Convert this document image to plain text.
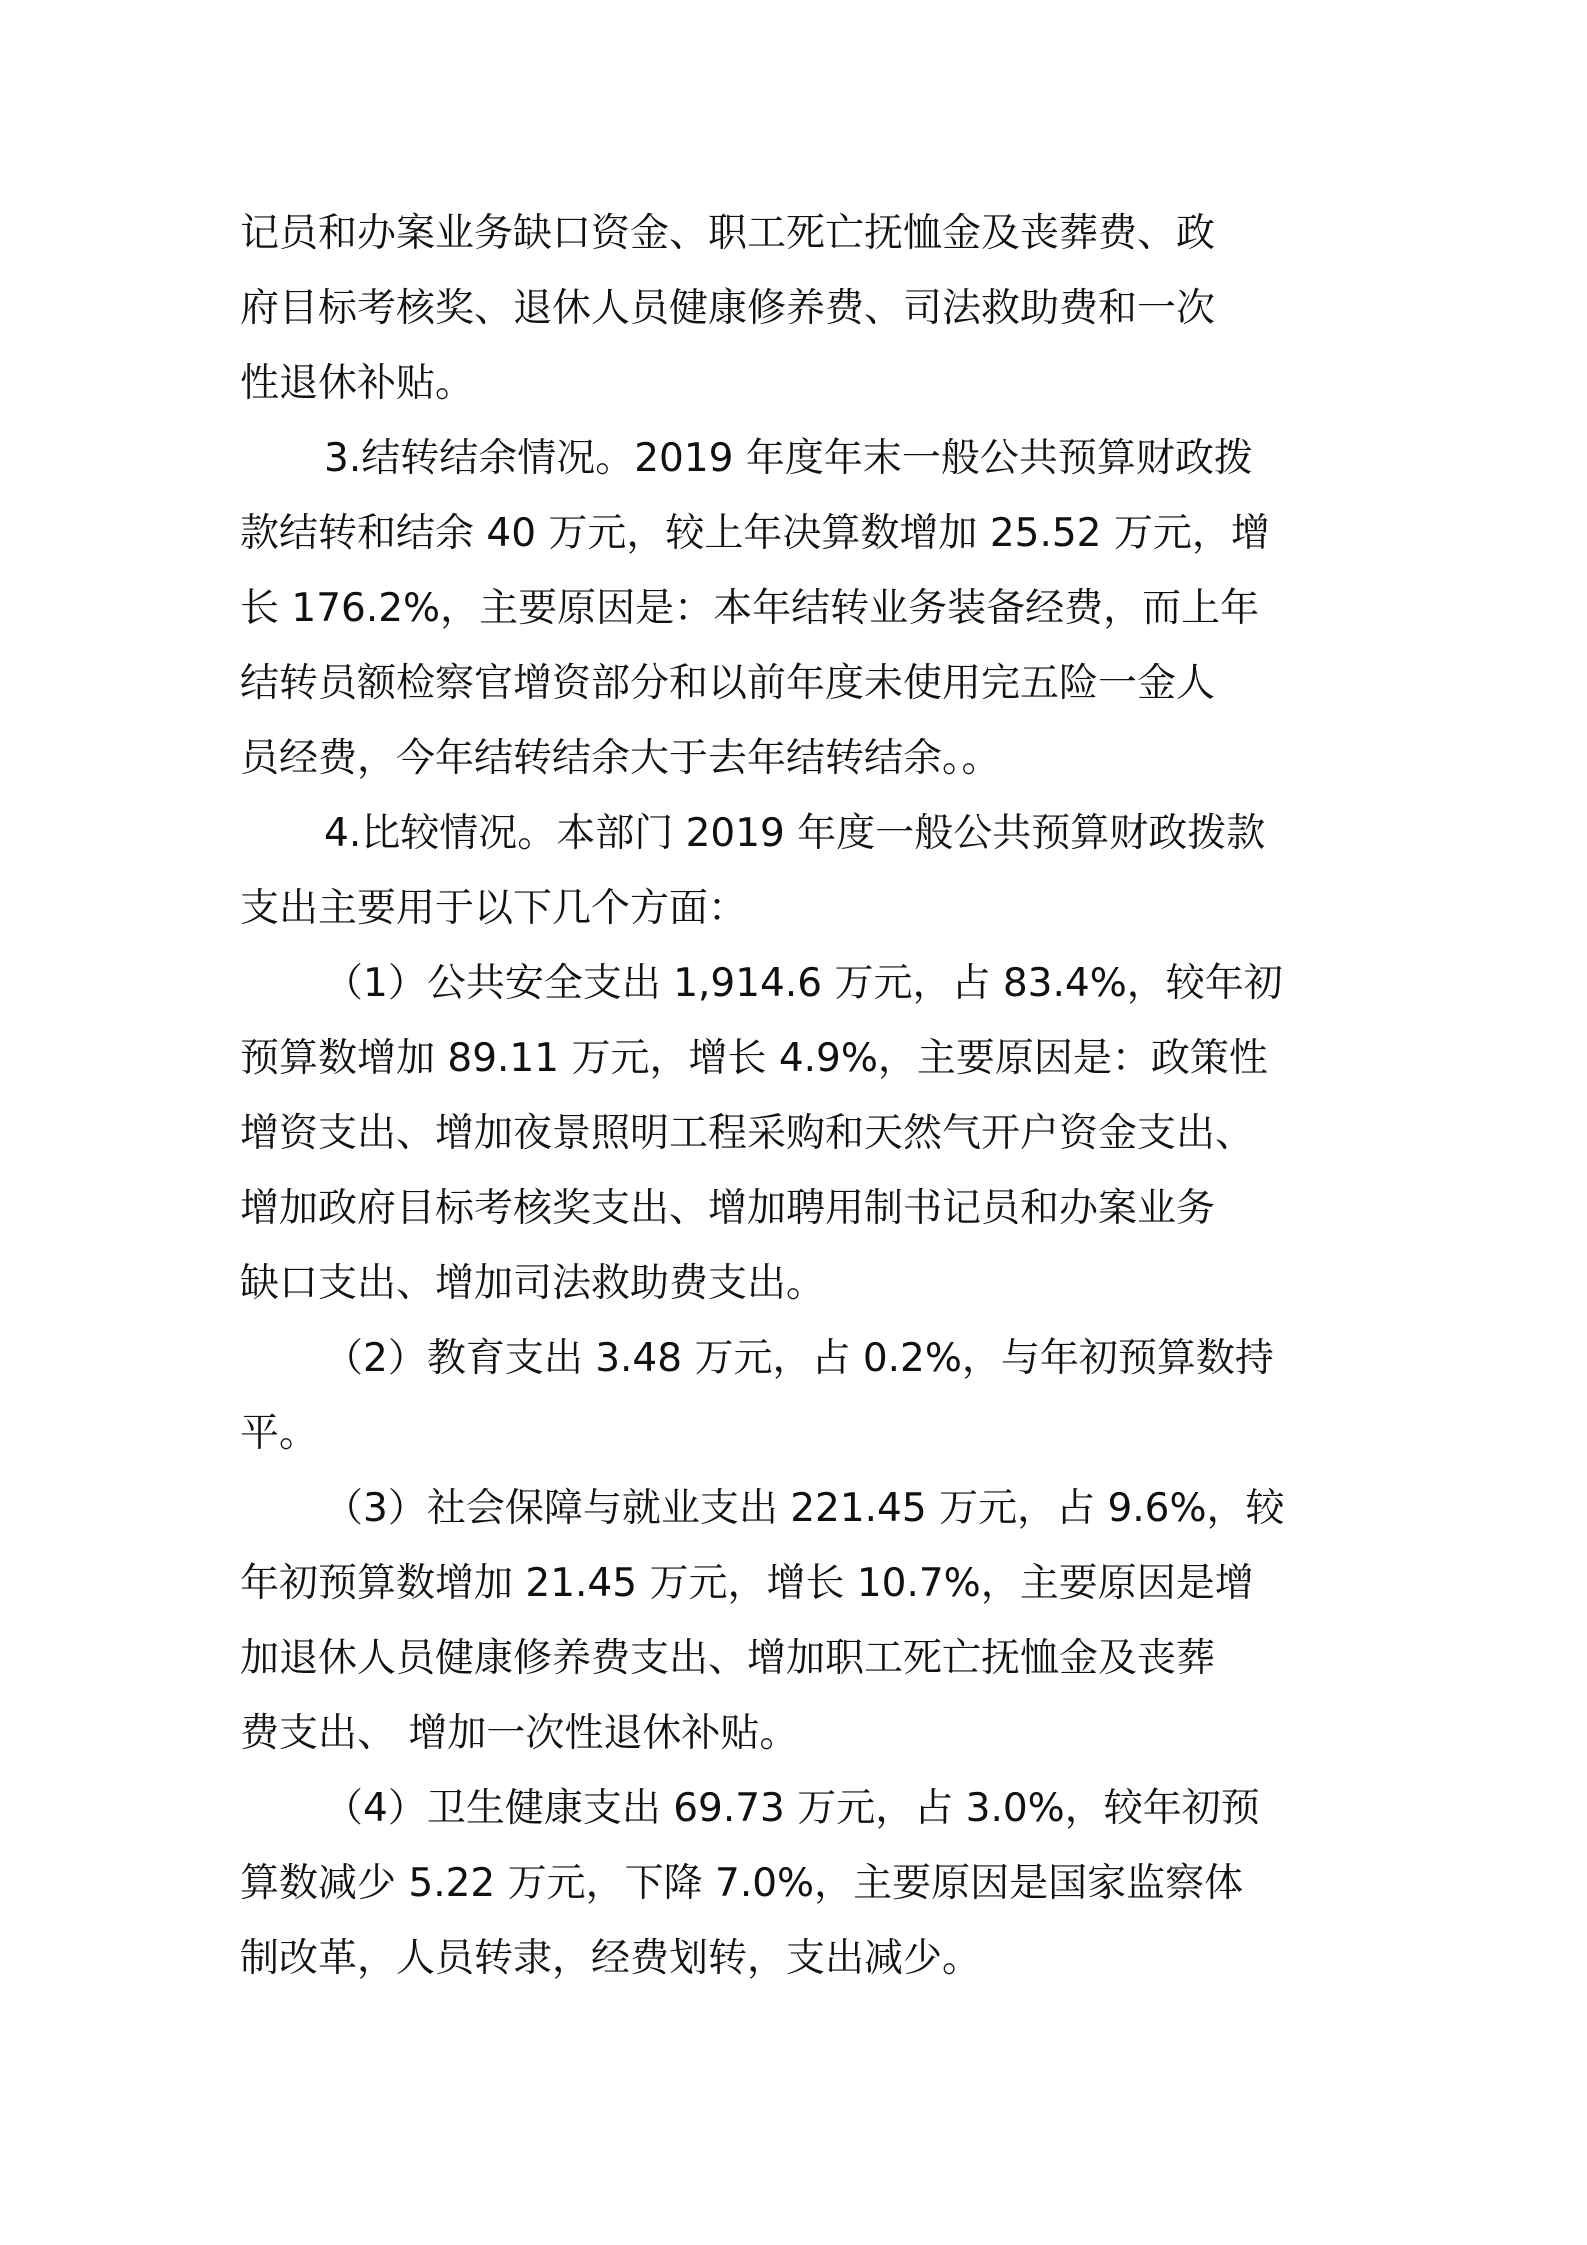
记员和办案业务缺口资金、职工死亡抚恤金及丧葬费、政
府目标考核奖、退休人员健康修养费、司法救助费和一次
性退休补贴。
3.结转结余情况。2019 年度年末一般公共预算财政拨
款结转和结余 40 万元，较上年决算数增加 25.52 万元，增
长 176.2%，主要原因是：本年结转业务装备经费，而上年
结转员额检察官增资部分和以前年度未使用完五险一金人
员经费，今年结转结余大于去年结转结余。。
4.比较情况。本部门 2019 年度一般公共预算财政拨款
支出主要用于以下几个方面：
（1）公共安全支出 1,914.6 万元，占 83.4%，较年初
预算数增加 89.11 万元，增长 4.9%，主要原因是：政策性
增资支出、增加夜景照明工程采购和天然气开户资金支出、
增加政府目标考核奖支出、增加聘用制书记员和办案业务
缺口支出、增加司法救助费支出。
（2）教育支出 3.48 万元，占 0.2%，与年初预算数持
平。
（3）社会保障与就业支出 221.45 万元，占 9.6%，较
年初预算数增加 21.45 万元，增长 10.7%，主要原因是增
加退休人员健康修养费支出、增加职工死亡抚恤金及丧葬
费支出、 增加一次性退休补贴。
（4）卫生健康支出 69.73 万元，占 3.0%，较年初预
算数减少 5.22 万元，下降 7.0%，主要原因是国家监察体
制改革，人员转隶，经费划转，支出减少。
